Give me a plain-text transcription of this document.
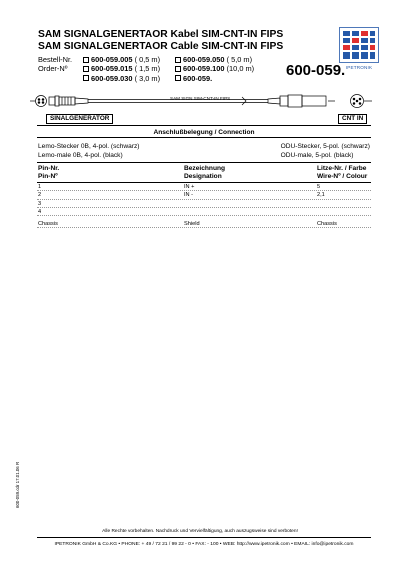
SAM SIGNALGENERTAOR Kabel SIM-CNT-IN FIPS
SAM SIGNALGENERTAOR Cable SIM-CNT-IN FIPS
IPETRONIK
Bestell-Nr.
Order-Nº
600-059.005
( 0,5 m)
600-059.015
( 1,5 m)
600-059.030
( 3,0 m)
600-059.050
( 5,0 m)
600-059.100
(10,0 m)
600-059.	600-059.
SAM SIGN SIM-CNT-IN FIPS
SINALGENERATOR	CNT IN
Anschlußbelegung / Connection
Lemo-Stecker 0B, 4-pol. (schwarz)
Lemo-male 0B, 4-pol. (black)
ODU-Stecker, 5-pol. (schwarz)
ODU-male, 5-pol. (black)
Pin-Nr.
Pin-Nº
Bezeichnung
Designation
Litze-Nr. / Farbe
Wire-Nº / Colour
1	IN +	5
2	IN -	2,1
3
4
Chassis	Shield	Chassis
600-059.cdr 17.01.06 R
Alle Rechte vorbehalten. Nachdruck und Vervielfältigung, auch auszugsweise sind verboten!
IPETRONIK GmbH & Co.KG • PHONE: + 49 / 72 21 / 99 22 - 0 • FAX: - 100 • WEB: http://www.ipetronik.com • EMAIL: info@ipetronik.com
